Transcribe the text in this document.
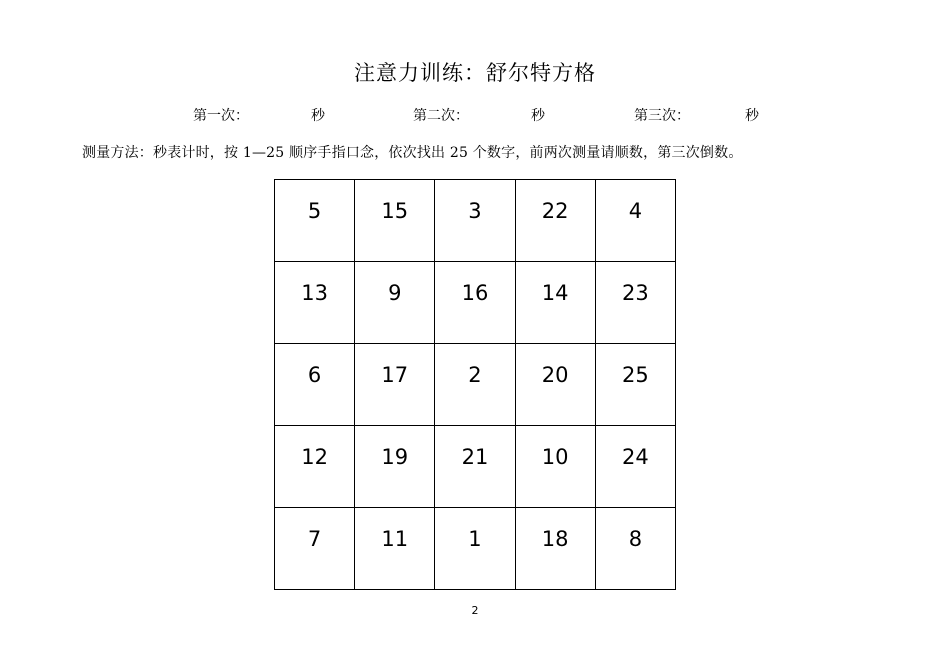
注意力训练：舒尔特方格
第一次：	秒	第二次：	秒	第三次：	秒
测量方法：秒表计时，按 1—25 顺序手指口念，依次找出 25 个数字，前两次测量请顺数，第三次倒数。
5	15	3	22	4
13	9	16	14	23
6	17	2	20	25
12	19	21	10	24
7	11	1	18	8
2
